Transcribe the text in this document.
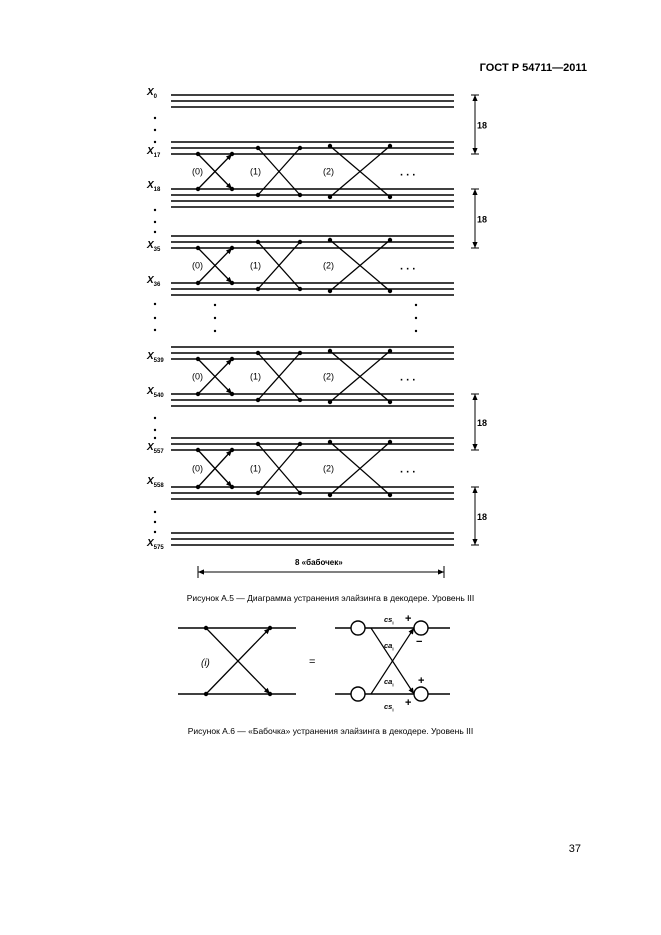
ГОСТ Р 54711—2011
(0)	(1)	(2)	. . .
(0)	(1)	(2)	. . .
(0)	(1)	(2)	. . .
(0)	(1)	(2)	. . .
$X_0$
$X_{17}$
$X_{18}$
$X_{35}$
$X_{36}$
$X_{539}$
$X_{540}$
$X_{557}$
$X_{558}$
$X_{575}$
18
18
18
18
8 «бабочек»
(i)	=
$cs_i$
$ca_i$
$ca_i$
$cs_i$
+
−
+
+
Рисунок А.5 — Диаграмма устранения элайзинга в декодере. Уровень III
Рисунок А.6 — «Бабочка» устранения элайзинга в декодере. Уровень III
37
